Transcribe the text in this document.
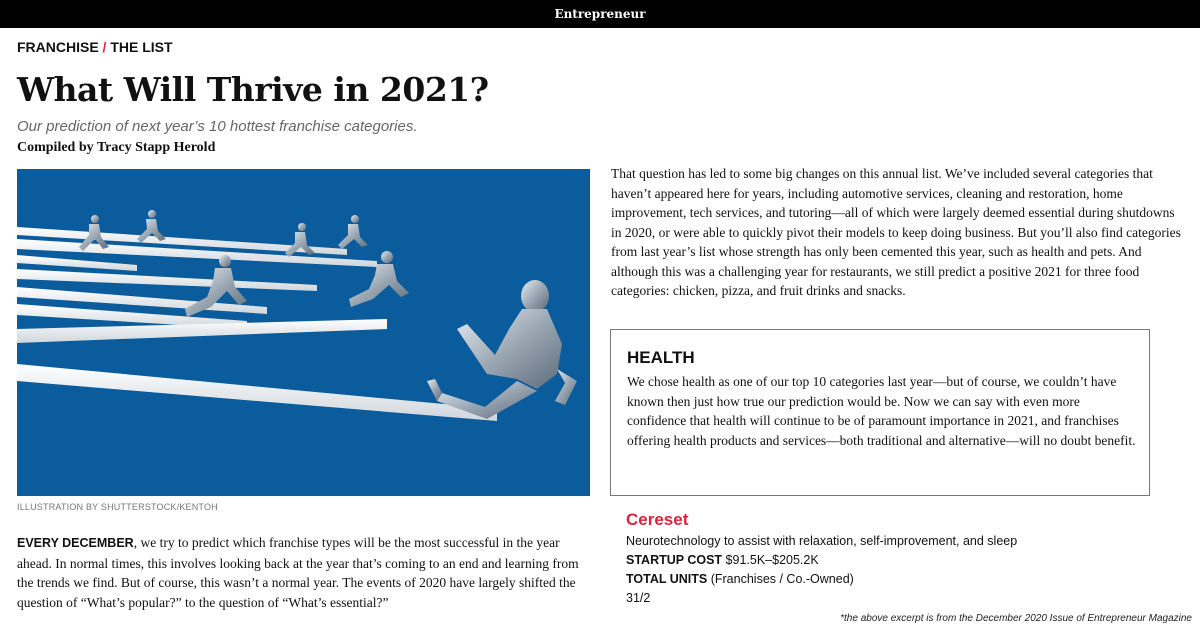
Entrepreneur
FRANCHISE / THE LIST
What Will Thrive in 2021?
Our prediction of next year’s 10 hottest franchise categories.
Compiled by Tracy Stapp Herold
ILLUSTRATION BY SHUTTERSTOCK/KENTOH

EVERY DECEMBER, we try to predict which franchise types will be the most successful in the year ahead. In normal times, this involves looking back at the year that’s coming to an end and learning from the trends we find. But of course, this wasn’t a normal year. The events of 2020 have largely shifted the question of “What’s popular?” to the question of “What’s essential?”

That question has led to some big changes on this annual list. We’ve included several categories that haven’t appeared here for years, including automotive services, cleaning and restoration, home improvement, tech services, and tutoring—all of which were largely deemed essential during shutdowns in 2020, or were able to quickly pivot their models to keep doing business. But you’ll also find categories from last year’s list whose strength has only been cemented this year, such as health and pets. And although this was a challenging year for restaurants, we still predict a positive 2021 for three food categories: chicken, pizza, and fruit drinks and snacks.

HEALTH

We chose health as one of our top 10 categories last year—but of course, we couldn’t have known then just how true our prediction would be. Now we can say with even more confidence that health will continue to be of paramount importance in 2021, and franchises offering health products and services—both traditional and alternative—will no doubt benefit.

Cereset
Neurotechnology to assist with relaxation, self-improvement, and sleep
STARTUP COST $91.5K–$205.2K
TOTAL UNITS (Franchises / Co.-Owned)
31/2
*the above excerpt is from the December 2020 Issue of Entrepreneur Magazine
